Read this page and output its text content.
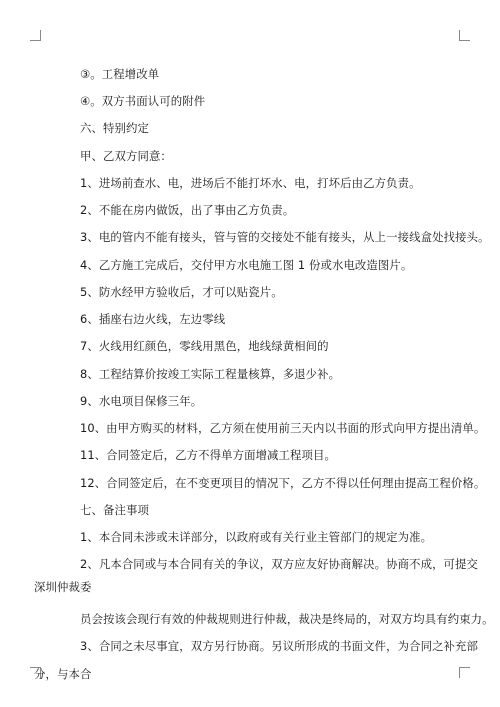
③。工程增改单
④。双方书面认可的附件
六、特别约定
甲、乙双方同意：
1、进场前查水、电，进场后不能打坏水、电，打坏后由乙方负责。
2、不能在房内做饭，出了事由乙方负责。
3、电的管内不能有接头，管与管的交接处不能有接头，从上一接线盒处找接头。
4、乙方施工完成后，交付甲方水电施工图 1 份或水电改造图片。
5、防水经甲方验收后，才可以贴瓷片。
6、插座右边火线，左边零线
7、火线用红颜色，零线用黑色，地线绿黄相间的
8、工程结算价按竣工实际工程量核算，多退少补。
9、水电项目保修三年。
10、由甲方购买的材料，乙方须在使用前三天内以书面的形式向甲方提出清单。
11、合同签定后，乙方不得单方面增减工程项目。
12、合同签定后，在不变更项目的情况下，乙方不得以任何理由提高工程价格。
七、备注事项
1、本合同未涉或未详部分，以政府或有关行业主管部门的规定为准。
2、凡本合同或与本合同有关的争议，双方应友好协商解决。协商不成，可提交
深圳仲裁委
员会按该会现行有效的仲裁规则进行仲裁，裁决是终局的，对双方均具有约束力。
3、合同之未尽事宜，双方另行协商。另议所形成的书面文件，为合同之补充部
分，与本合
